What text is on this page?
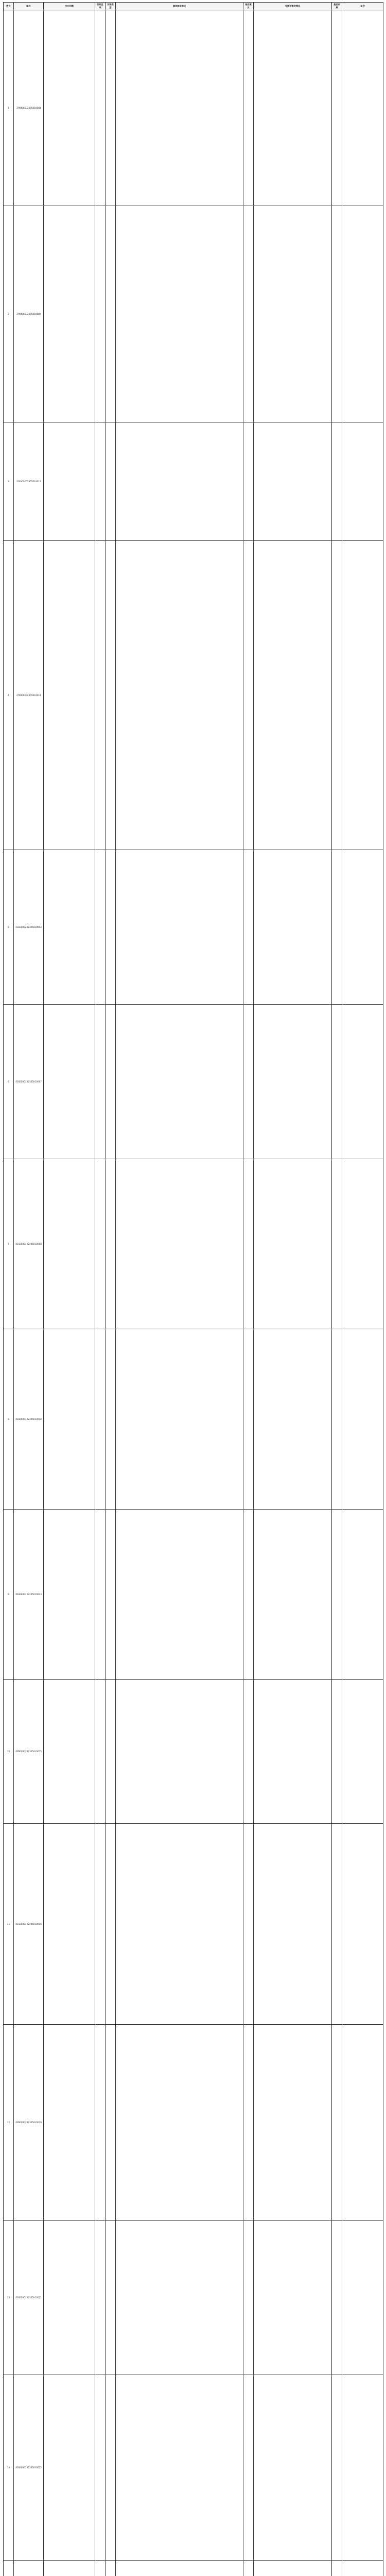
序号	编号	交办问题	行政区域	污染类型	调查核实情况	是否属实	处理和整改情况	是否问责	备注
1	370000202305010003								
2	370000202305010009								
3	370000202305010012								
4	370000202305010018								
5	X3S0000202305010003								
6	X3S0000202305010007								
7	X3S0000202305010008								
8	X3S0000202305010010								
9	X3S0000202305010013								
10	X3S0000202305010015								
11	X3S0000202305010016								
12	X3S0000202305010019								
13	X3S0000202305010021								
14	X3S0000202305010022								
